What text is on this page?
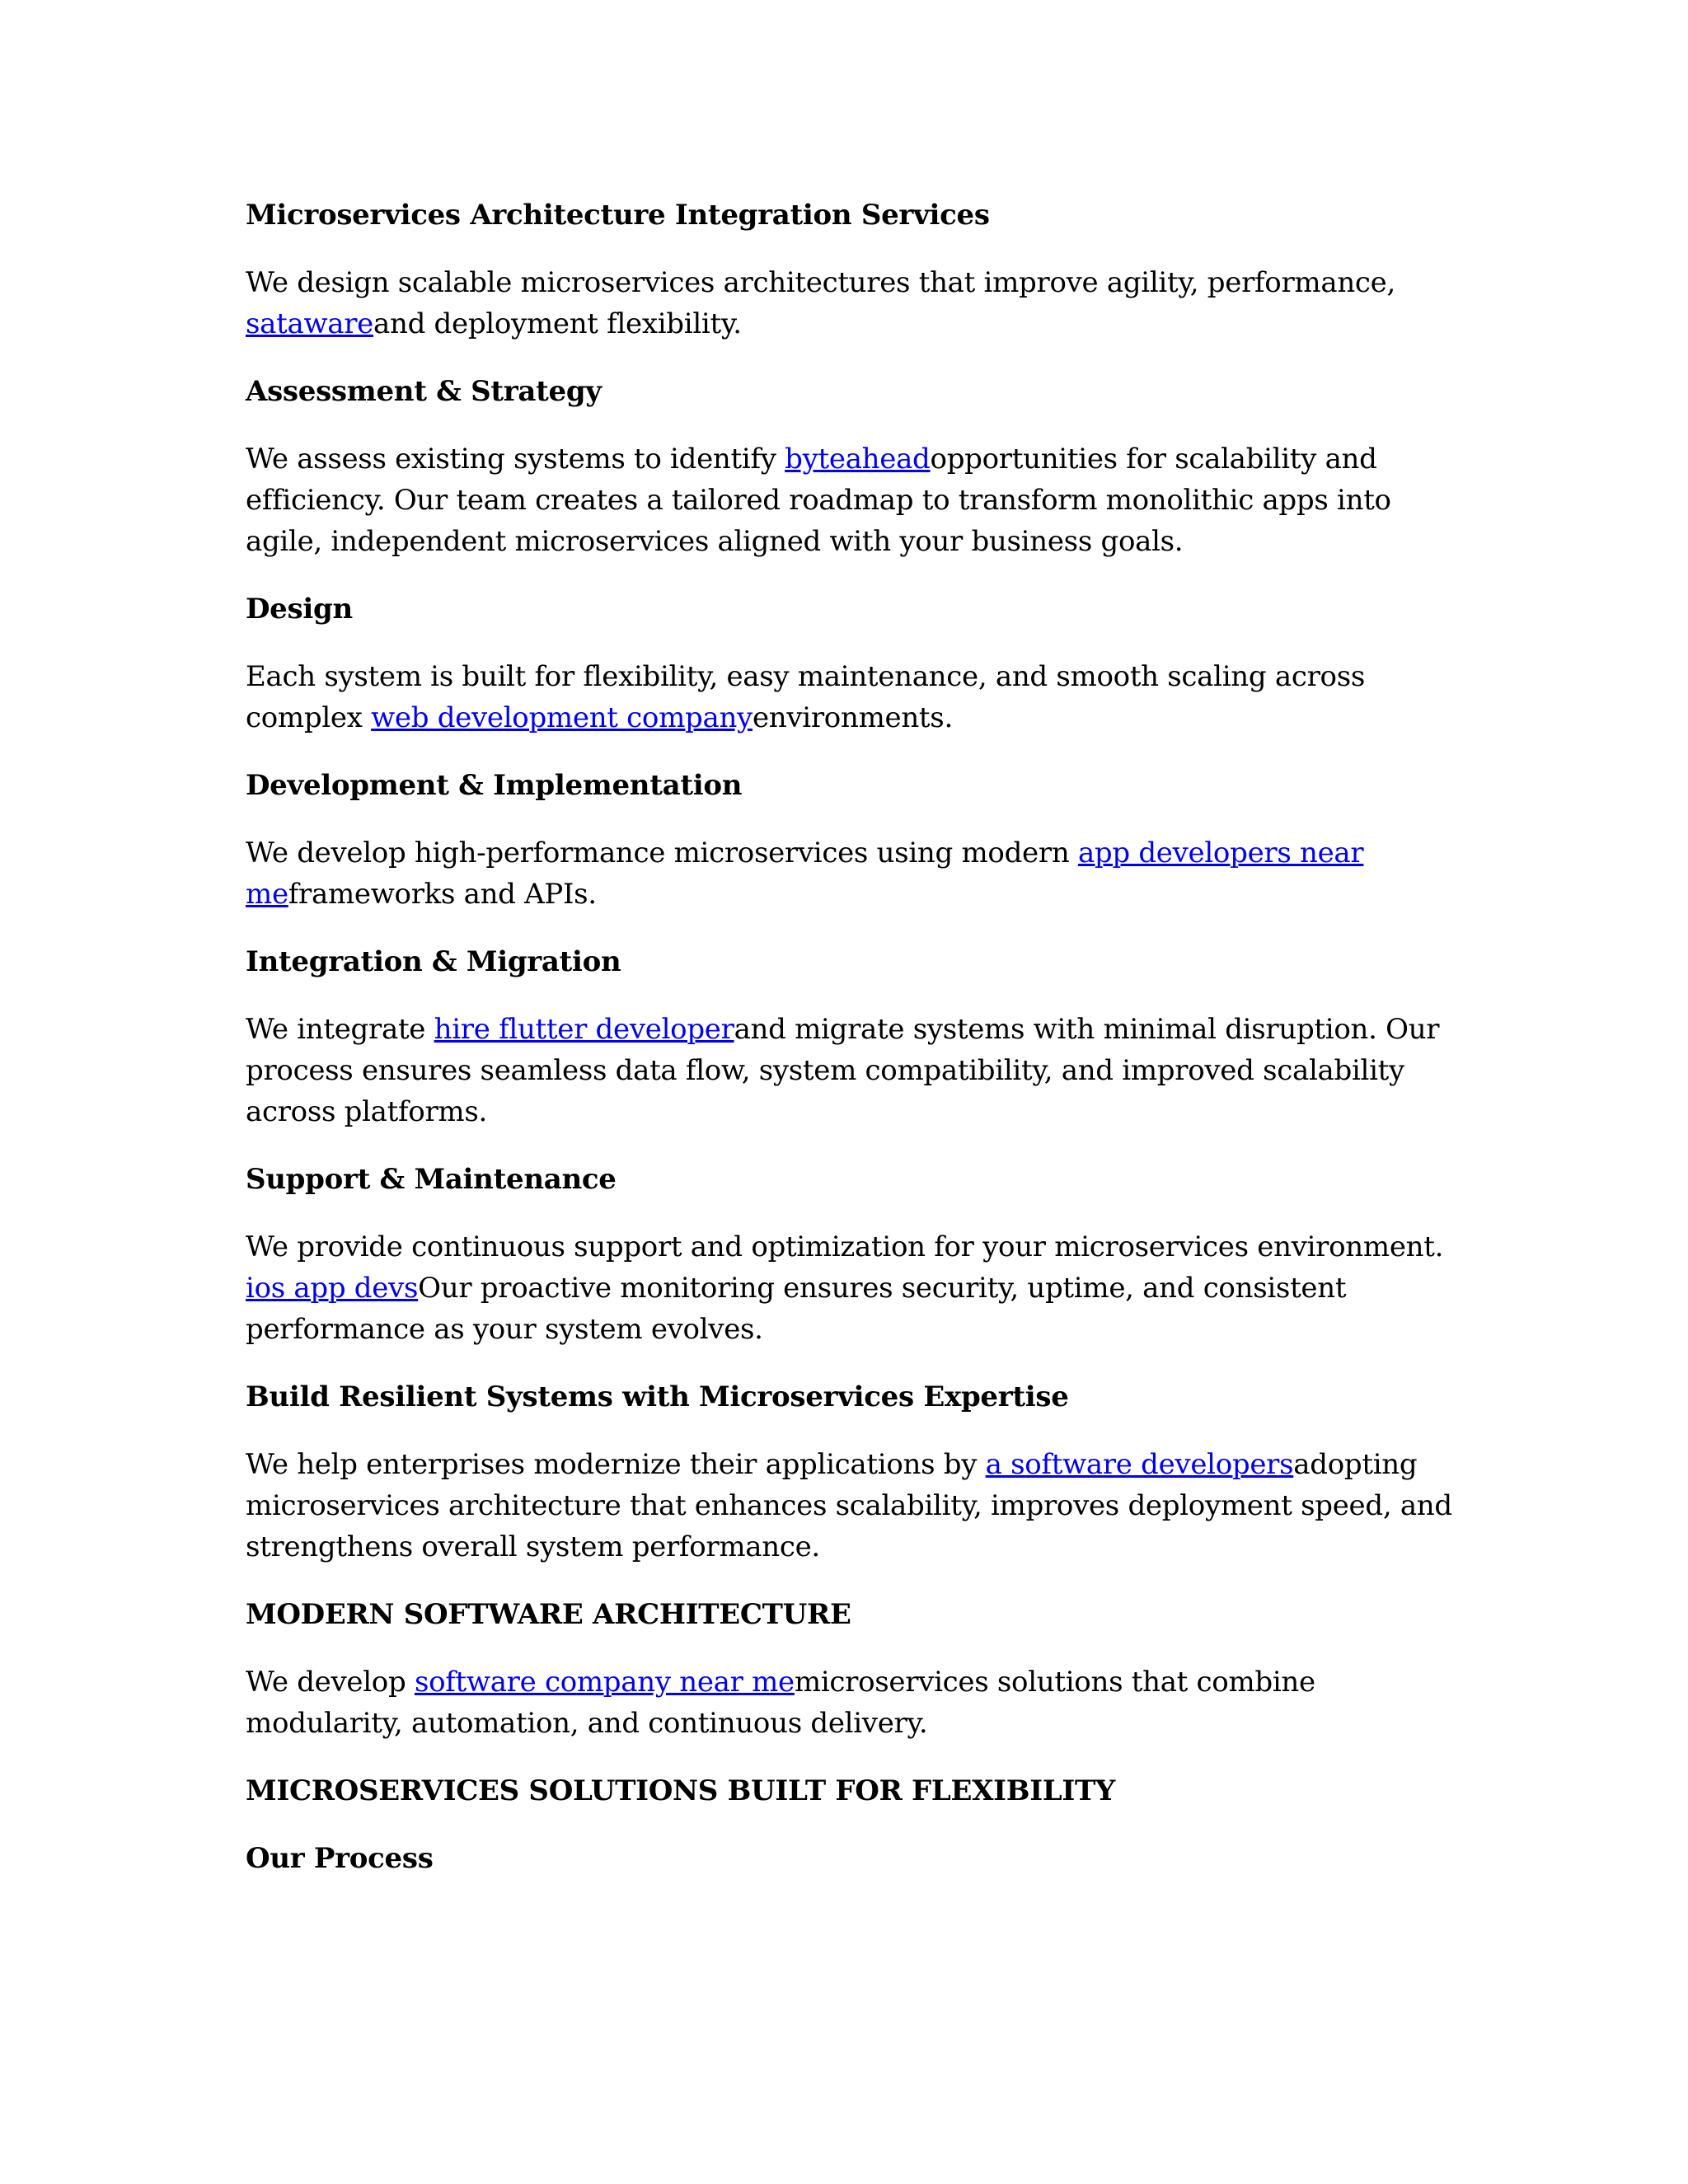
Microservices Architecture Integration Services

We design scalable microservices architectures that improve agility, performance, satawareand deployment flexibility.

Assessment & Strategy

We assess existing systems to identify byteaheadopportunities for scalability and efficiency. Our team creates a tailored roadmap to transform monolithic apps into agile, independent microservices aligned with your business goals.

Design

Each system is built for flexibility, easy maintenance, and smooth scaling across complex web development companyenvironments.

Development & Implementation

We develop high-performance microservices using modern app developers near meframeworks and APIs.

Integration & Migration

We integrate hire flutter developerand migrate systems with minimal disruption. Our process ensures seamless data flow, system compatibility, and improved scalability across platforms.

Support & Maintenance

We provide continuous support and optimization for your microservices environment. ios app devsOur proactive monitoring ensures security, uptime, and consistent performance as your system evolves.

Build Resilient Systems with Microservices Expertise

We help enterprises modernize their applications by a software developersadopting microservices architecture that enhances scalability, improves deployment speed, and strengthens overall system performance.

MODERN SOFTWARE ARCHITECTURE

We develop software company near memicroservices solutions that combine modularity, automation, and continuous delivery.

MICROSERVICES SOLUTIONS BUILT FOR FLEXIBILITY
Our Process
